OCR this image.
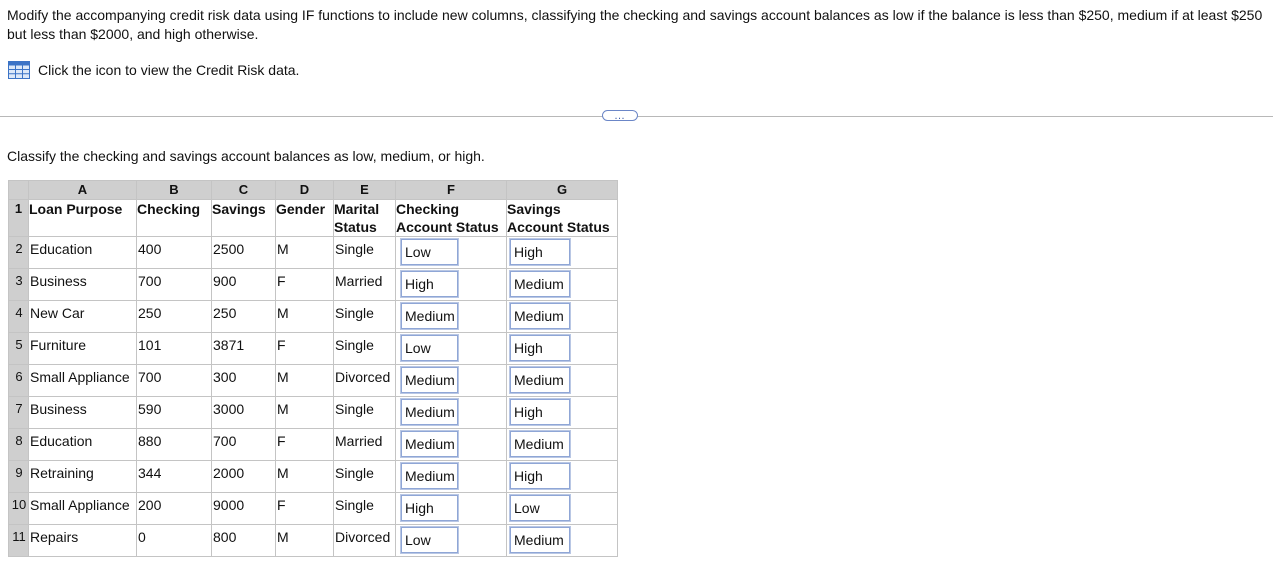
Modify the accompanying credit risk data using IF functions to include new columns, classifying the checking and savings account balances as low if the balance is less than $250, medium if at least $250 but less than $2000, and high otherwise.
Click the icon to view the Credit Risk data.
…
Classify the checking and savings account balances as low, medium, or high.
	A	B	C	D	E	F	G
1	Loan Purpose	Checking	Savings	Gender	Marital Status	Checking Account Status	Savings Account Status
2	Education	400	2500	M	Single	Low	High

3	Business	700	900	F	Married	High	Medium

4	New Car	250	250	M	Single	Medium	Medium

5	Furniture	101	3871	F	Single	Low	High

6	Small Appliance	700	300	M	Divorced	Medium	Medium

7	Business	590	3000	M	Single	Medium	High

8	Education	880	700	F	Married	Medium	Medium

9	Retraining	344	2000	M	Single	Medium	High

10	Small Appliance	200	9000	F	Single	High	Low

11	Repairs	0	800	M	Divorced	Low	Medium
